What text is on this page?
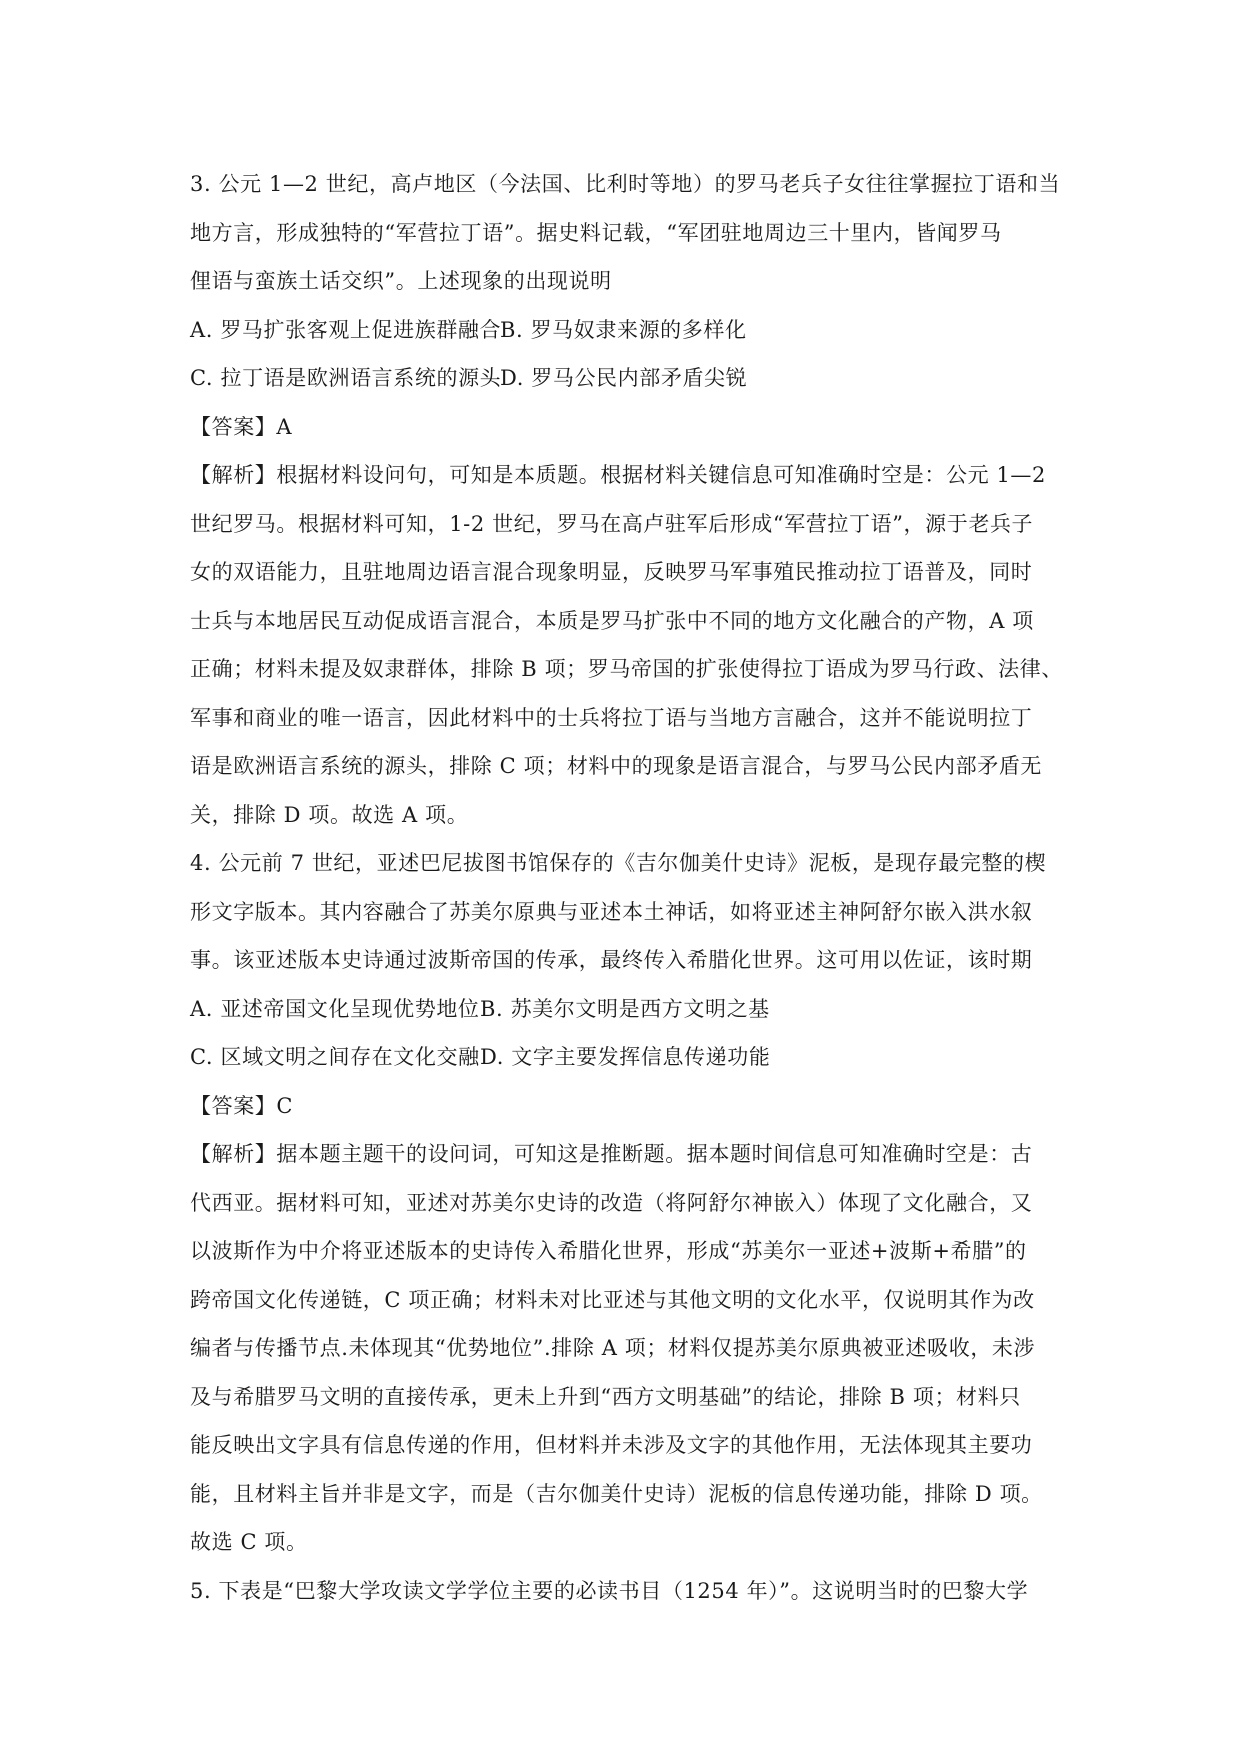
3. 公元 1—2 世纪，高卢地区（今法国、比利时等地）的罗马老兵子女往往掌握拉丁语和当
地方言，形成独特的“军营拉丁语”。据史料记载，“军团驻地周边三十里内，皆闻罗马
俚语与蛮族土话交织”。上述现象的出现说明
A. 罗马扩张客观上促进族群融合
B. 罗马奴隶来源的多样化
C. 拉丁语是欧洲语言系统的源头
D. 罗马公民内部矛盾尖锐
【答案】A
【解析】根据材料设问句，可知是本质题。根据材料关键信息可知准确时空是：公元 1—2
世纪罗马。根据材料可知，1-2 世纪，罗马在高卢驻军后形成“军营拉丁语”，源于老兵子
女的双语能力，且驻地周边语言混合现象明显，反映罗马军事殖民推动拉丁语普及，同时
士兵与本地居民互动促成语言混合，本质是罗马扩张中不同的地方文化融合的产物，A 项
正确；材料未提及奴隶群体，排除 B 项；罗马帝国的扩张使得拉丁语成为罗马行政、法律、
军事和商业的唯一语言，因此材料中的士兵将拉丁语与当地方言融合，这并不能说明拉丁
语是欧洲语言系统的源头，排除 C 项；材料中的现象是语言混合，与罗马公民内部矛盾无
关，排除 D 项。故选 A 项。
4. 公元前 7 世纪，亚述巴尼拔图书馆保存的《吉尔伽美什史诗》泥板，是现存最完整的楔
形文字版本。其内容融合了苏美尔原典与亚述本土神话，如将亚述主神阿舒尔嵌入洪水叙
事。该亚述版本史诗通过波斯帝国的传承，最终传入希腊化世界。这可用以佐证，该时期
A. 亚述帝国文化呈现优势地位 B. 苏美尔文明是西方文明之基
C. 区域文明之间存在文化交融 D. 文字主要发挥信息传递功能
【答案】C
【解析】据本题主题干的设问词，可知这是推断题。据本题时间信息可知准确时空是：古
代西亚。据材料可知，亚述对苏美尔史诗的改造（将阿舒尔神嵌入）体现了文化融合，又
以波斯作为中介将亚述版本的史诗传入希腊化世界，形成“苏美尔一亚述+波斯+希腊”的
跨帝国文化传递链，C 项正确；材料未对比亚述与其他文明的文化水平，仅说明其作为改
编者与传播节点.未体现其“优势地位”.排除 A 项；材料仅提苏美尔原典被亚述吸收，未涉
及与希腊罗马文明的直接传承，更未上升到“西方文明基础”的结论，排除 B 项；材料只
能反映出文字具有信息传递的作用，但材料并未涉及文字的其他作用，无法体现其主要功
能，且材料主旨并非是文字，而是（吉尔伽美什史诗）泥板的信息传递功能，排除 D 项。
故选 C 项。
5. 下表是“巴黎大学攻读文学学位主要的必读书目（1254 年）”。这说明当时的巴黎大学
